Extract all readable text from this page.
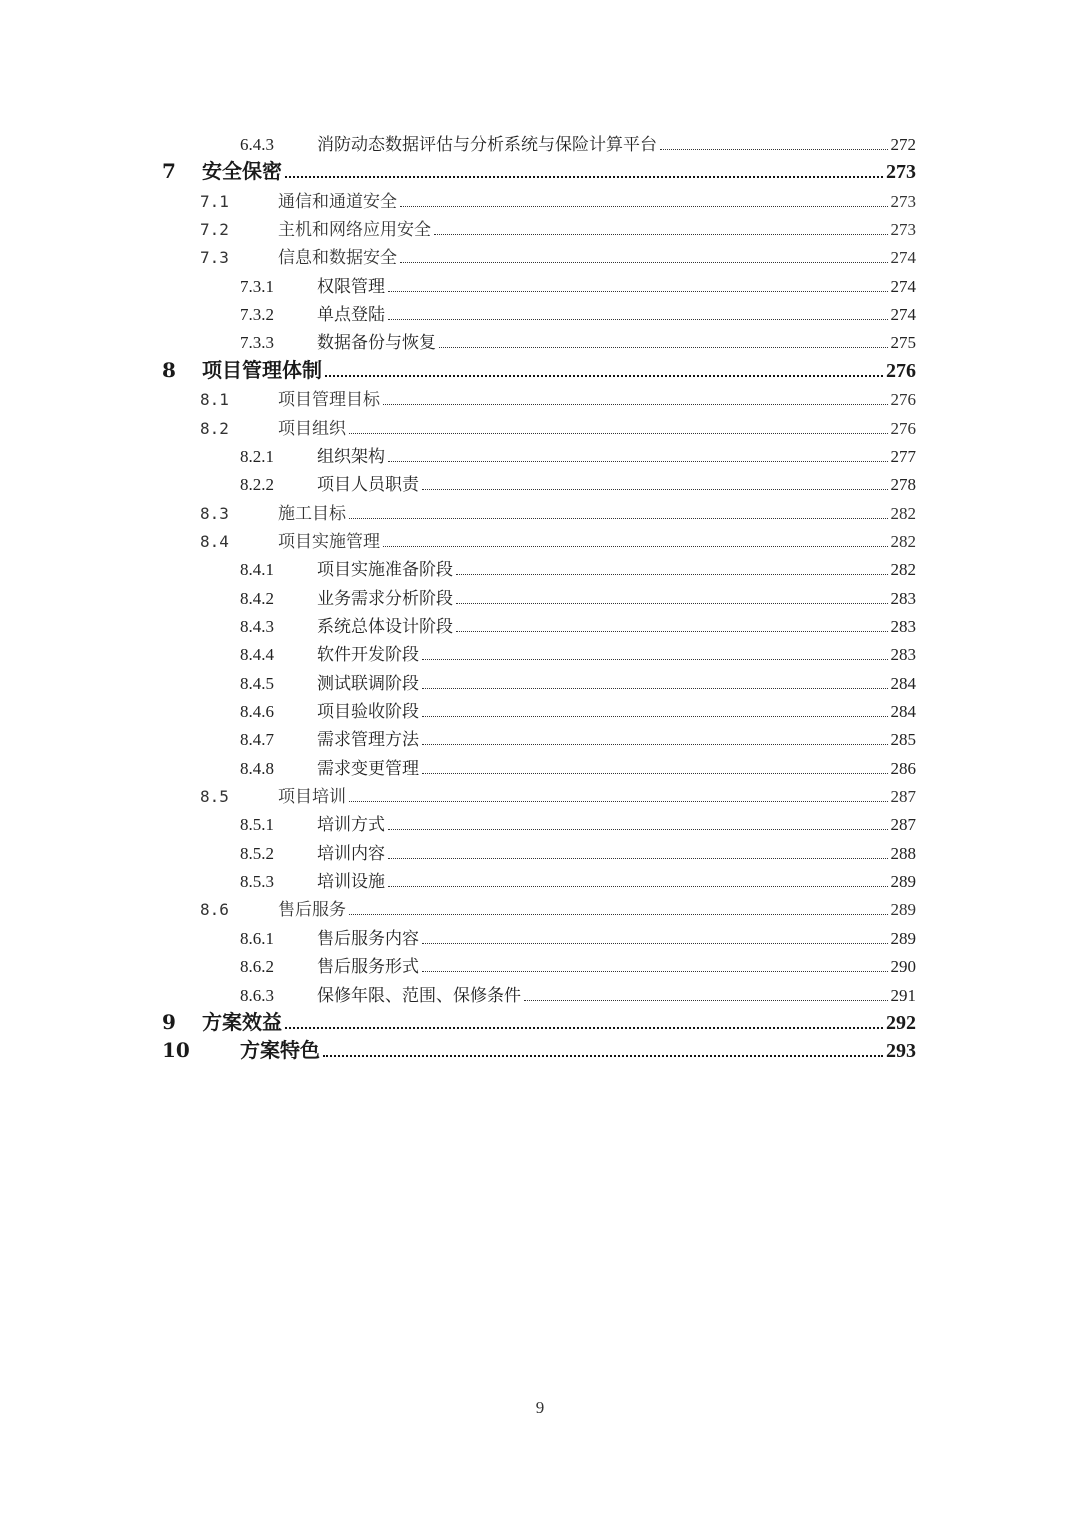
6.4.3	消防动态数据评估与分析系统与保险计算平台	272
7	安全保密	273
7.1	通信和通道安全	273
7.2	主机和网络应用安全	273
7.3	信息和数据安全	274
7.3.1	权限管理	274
7.3.2	单点登陆	274
7.3.3	数据备份与恢复	275
8	项目管理体制	276
8.1	项目管理目标	276
8.2	项目组织	276
8.2.1	组织架构	277
8.2.2	项目人员职责	278
8.3	施工目标	282
8.4	项目实施管理	282
8.4.1	项目实施准备阶段	282
8.4.2	业务需求分析阶段	283
8.4.3	系统总体设计阶段	283
8.4.4	软件开发阶段	283
8.4.5	测试联调阶段	284
8.4.6	项目验收阶段	284
8.4.7	需求管理方法	285
8.4.8	需求变更管理	286
8.5	项目培训	287
8.5.1	培训方式	287
8.5.2	培训内容	288
8.5.3	培训设施	289
8.6	售后服务	289
8.6.1	售后服务内容	289
8.6.2	售后服务形式	290
8.6.3	保修年限、范围、保修条件	291
9	方案效益	292
10	方案特色	293
9
